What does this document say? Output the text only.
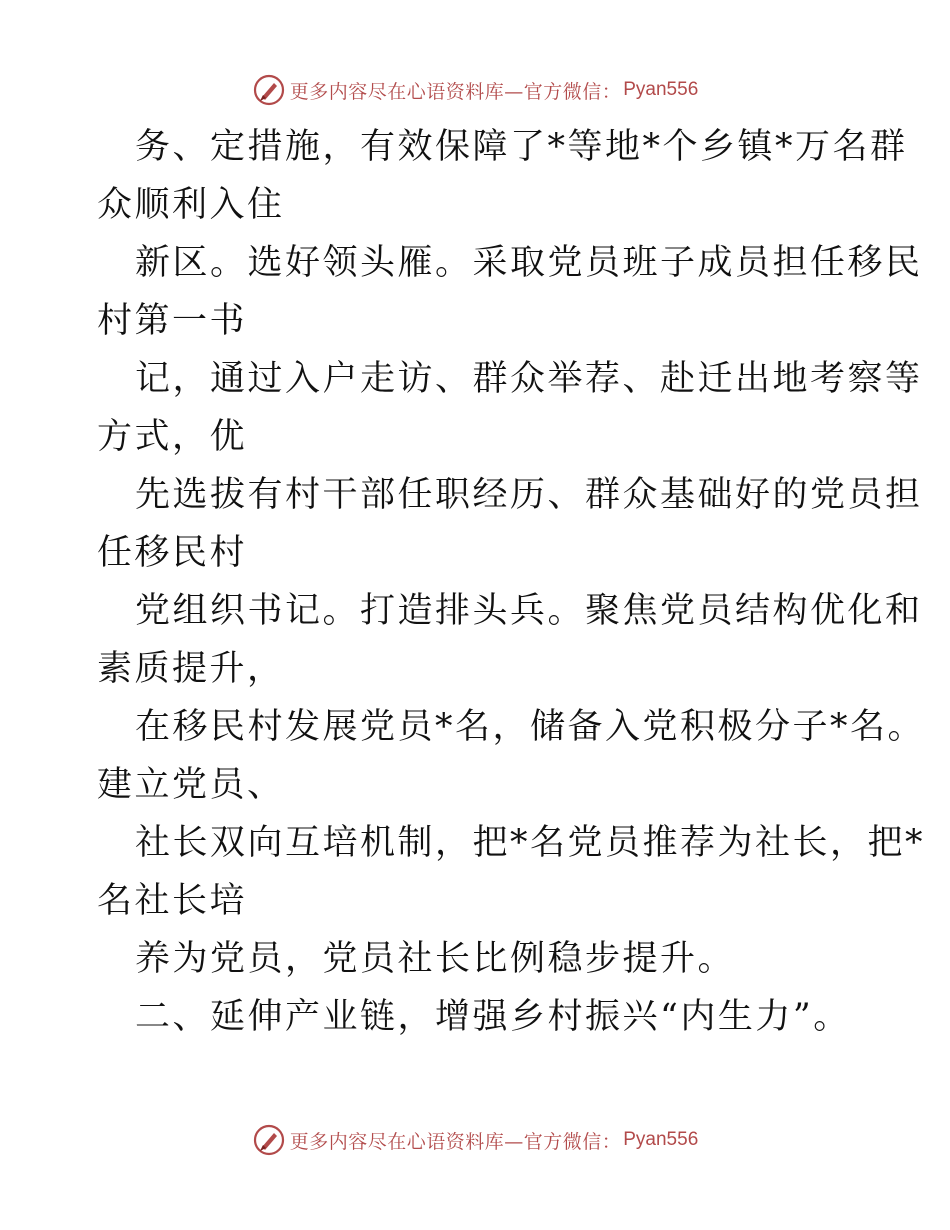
更多内容尽在心语资料库—官方微信： Pyan556
务、定措施，有效保障了*等地*个乡镇*万名群
众顺利入住
新区。选好领头雁。采取党员班子成员担任移民
村第一书
记，通过入户走访、群众举荐、赴迁出地考察等
方式，优
先选拔有村干部任职经历、群众基础好的党员担
任移民村
党组织书记。打造排头兵。聚焦党员结构优化和
素质提升，
在移民村发展党员*名，储备入党积极分子*名。
建立党员、
社长双向互培机制，把*名党员推荐为社长，把*
名社长培
养为党员，党员社长比例稳步提升。
二、延伸产业链，增强乡村振兴“内生力”。
更多内容尽在心语资料库—官方微信： Pyan556
